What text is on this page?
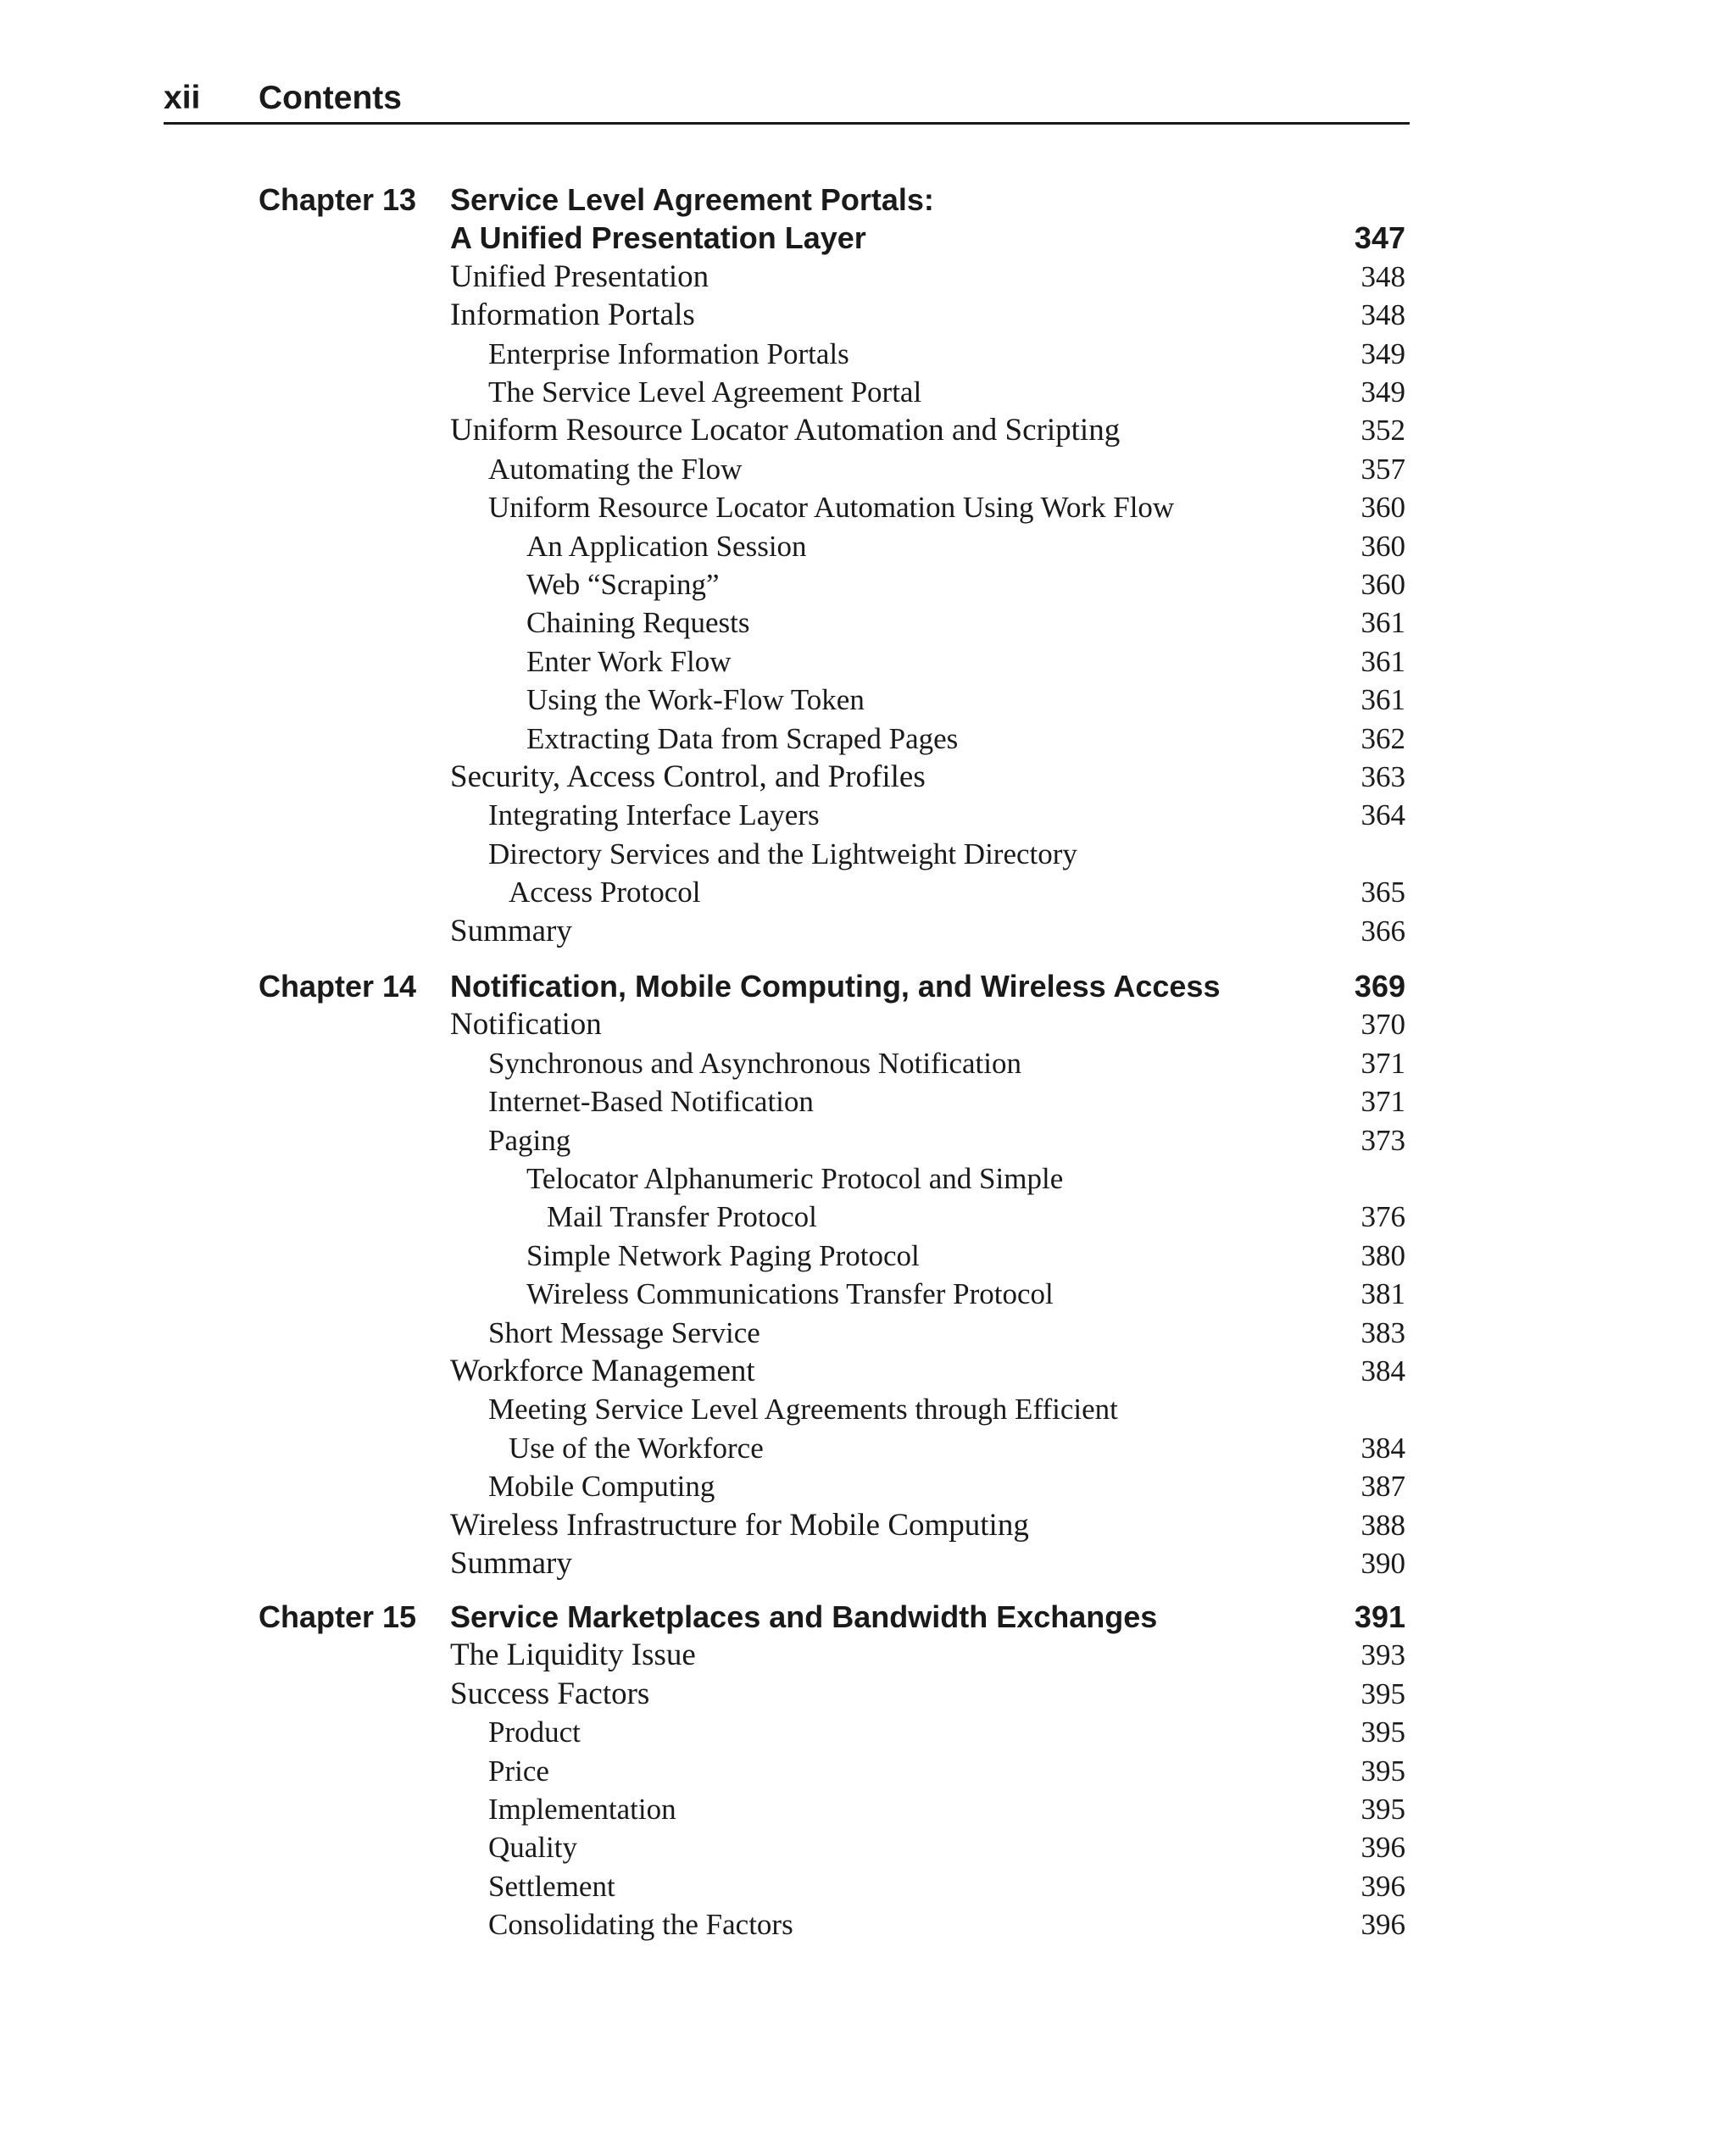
xii Contents
Chapter 13 Service Level Agreement Portals:
A Unified Presentation Layer	347
Unified Presentation	348
Information Portals	348
Enterprise Information Portals	349
The Service Level Agreement Portal	349
Uniform Resource Locator Automation and Scripting	352
Automating the Flow	357
Uniform Resource Locator Automation Using Work Flow	360
An Application Session	360
Web “Scraping”	360
Chaining Requests	361
Enter Work Flow	361
Using the Work-Flow Token	361
Extracting Data from Scraped Pages	362
Security, Access Control, and Profiles	363
Integrating Interface Layers	364
Directory Services and the Lightweight Directory
Access Protocol	365
Summary	366
Chapter 14 Notification, Mobile Computing, and Wireless Access	369
Notification	370
Synchronous and Asynchronous Notification	371
Internet-Based Notification	371
Paging	373
Telocator Alphanumeric Protocol and Simple
Mail Transfer Protocol	376
Simple Network Paging Protocol	380
Wireless Communications Transfer Protocol	381
Short Message Service	383
Workforce Management	384
Meeting Service Level Agreements through Efficient
Use of the Workforce	384
Mobile Computing	387
Wireless Infrastructure for Mobile Computing	388
Summary	390
Chapter 15 Service Marketplaces and Bandwidth Exchanges	391
The Liquidity Issue	393
Success Factors	395
Product	395
Price	395
Implementation	395
Quality	396
Settlement	396
Consolidating the Factors	396
